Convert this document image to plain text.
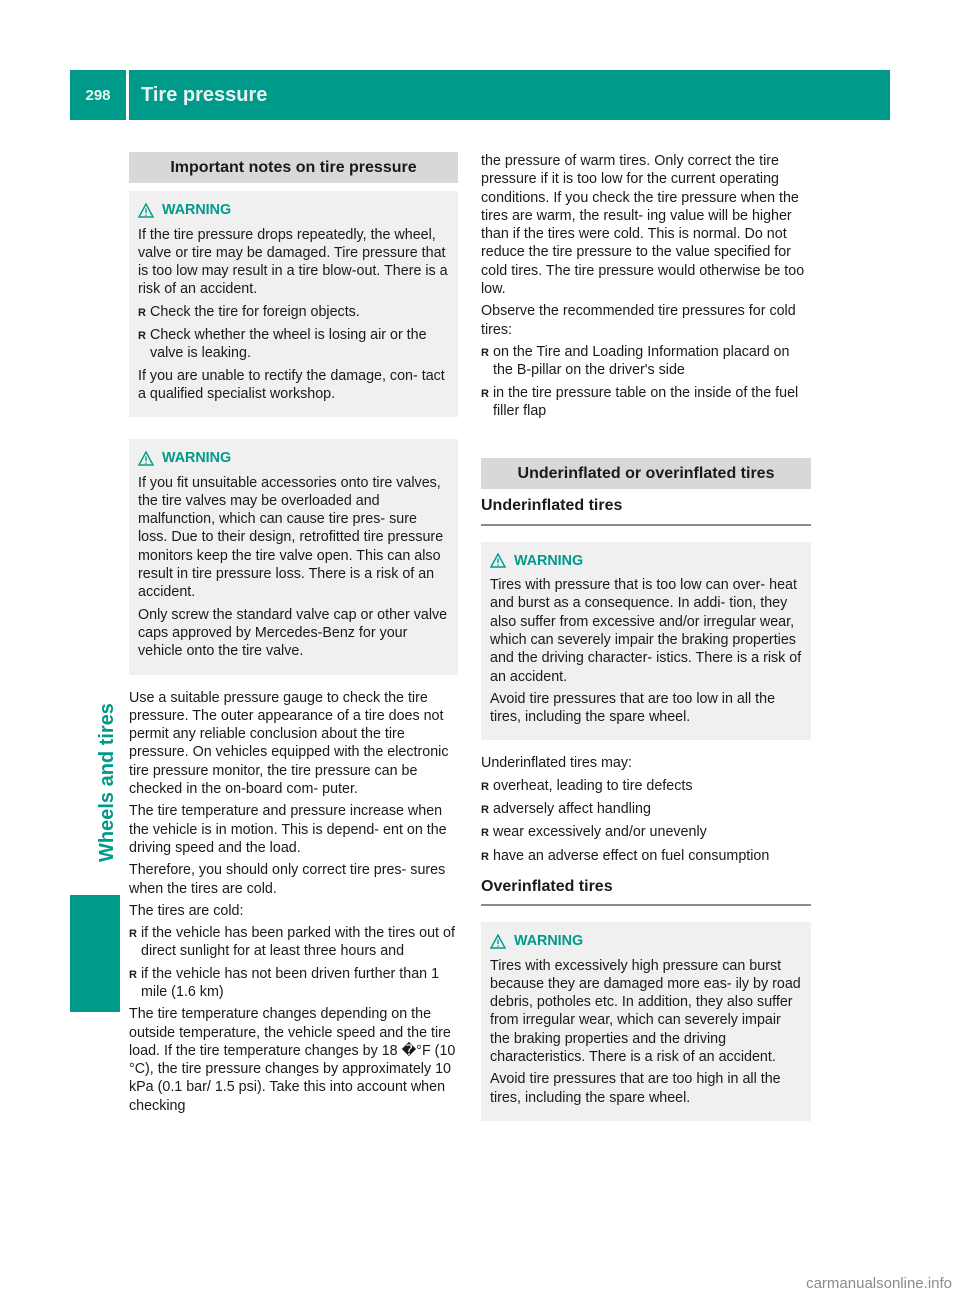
298	Tire pressure
Wheels and tires
Important notes on tire pressure
WARNING
If the tire pressure drops repeatedly, the wheel, valve or tire may be damaged. Tire pressure that is too low may result in a tire blow-out. There is a risk of an accident.
R Check the tire for foreign objects.
R Check whether the wheel is losing air or the valve is leaking.
If you are unable to rectify the damage, con- tact a qualified specialist workshop.
WARNING
If you fit unsuitable accessories onto tire valves, the tire valves may be overloaded and malfunction, which can cause tire pres- sure loss. Due to their design, retrofitted tire pressure monitors keep the tire valve open. This can also result in tire pressure loss. There is a risk of an accident.
Only screw the standard valve cap or other valve caps approved by Mercedes-Benz for your vehicle onto the tire valve.
Use a suitable pressure gauge to check the tire pressure. The outer appearance of a tire does not permit any reliable conclusion about the tire pressure. On vehicles equipped with the electronic tire pressure monitor, the tire pressure can be checked in the on-board com- puter.
The tire temperature and pressure increase when the vehicle is in motion. This is depend- ent on the driving speed and the load.
Therefore, you should only correct tire pres- sures when the tires are cold.
The tires are cold:
R if the vehicle has been parked with the tires out of direct sunlight for at least three hours and
R if the vehicle has not been driven further than 1 mile (1.6 km)
The tire temperature changes depending on the outside temperature, the vehicle speed and the tire load. If the tire temperature changes by 18 �°F (10 °C), the tire pressure changes by approximately 10 kPa (0.1 bar/ 1.5 psi). Take this into account when checking
the pressure of warm tires. Only correct the tire pressure if it is too low for the current operating conditions. If you check the tire pressure when the tires are warm, the result- ing value will be higher than if the tires were cold. This is normal. Do not reduce the tire pressure to the value specified for cold tires. The tire pressure would otherwise be too low.
Observe the recommended tire pressures for cold tires:
R on the Tire and Loading Information placard on the B-pillar on the driver's side
R in the tire pressure table on the inside of the fuel filler flap
Underinflated or overinflated tires
Underinflated tires
WARNING
Tires with pressure that is too low can over- heat and burst as a consequence. In addi- tion, they also suffer from excessive and/or irregular wear, which can severely impair the braking properties and the driving character- istics. There is a risk of an accident.
Avoid tire pressures that are too low in all the tires, including the spare wheel.
Underinflated tires may:
R overheat, leading to tire defects
R adversely affect handling
R wear excessively and/or unevenly
R have an adverse effect on fuel consumption
Overinflated tires
WARNING
Tires with excessively high pressure can burst because they are damaged more eas- ily by road debris, potholes etc. In addition, they also suffer from irregular wear, which can severely impair the braking properties and the driving characteristics. There is a risk of an accident.
Avoid tire pressures that are too high in all the tires, including the spare wheel.
carmanualsonline.info
